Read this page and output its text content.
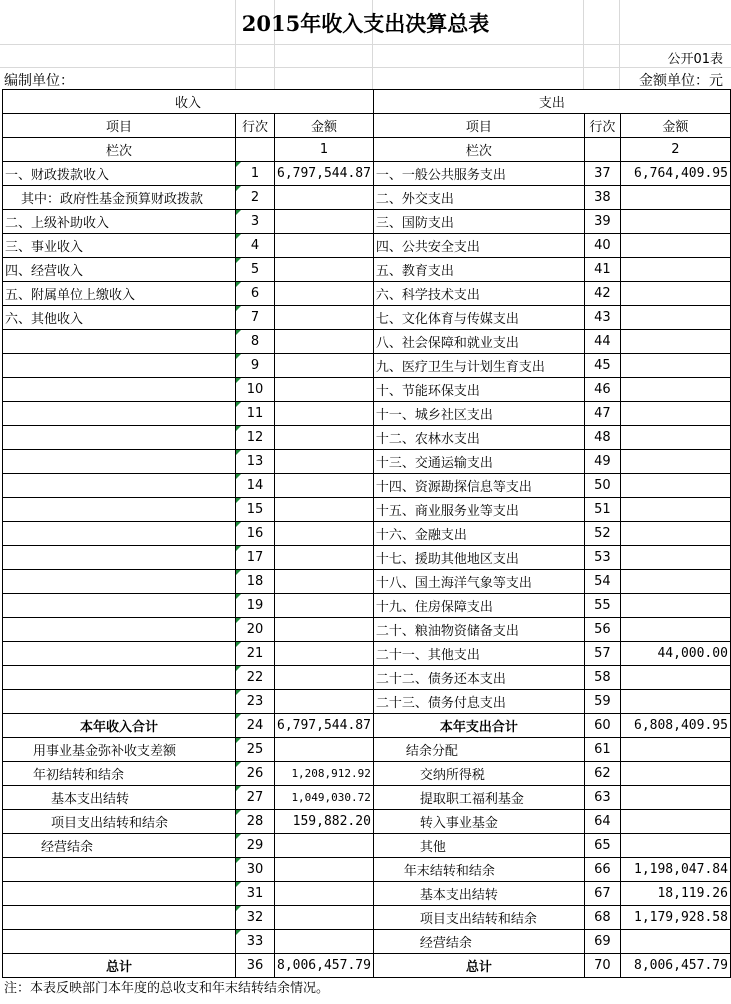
2015年收入支出决算总表
公开01表
编制单位：	金额单位：元
收入			支出		
项目	行次	金额	项目	行次	金额
栏次		1	栏次		2
一、财政拨款收入	1	6,797,544.87	一、一般公共服务支出	37	6,764,409.95
其中：政府性基金预算财政拨款	2		二、外交支出	38	
二、上级补助收入	3		三、国防支出	39	
三、事业收入	4		四、公共安全支出	40	
四、经营收入	5		五、教育支出	41	
五、附属单位上缴收入	6		六、科学技术支出	42	
六、其他收入	7		七、文化体育与传媒支出	43	
	8		八、社会保障和就业支出	44	
	9		九、医疗卫生与计划生育支出	45	
	10		十、节能环保支出	46	
	11		十一、城乡社区支出	47	
	12		十二、农林水支出	48	
	13		十三、交通运输支出	49	
	14		十四、资源勘探信息等支出	50	
	15		十五、商业服务业等支出	51	
	16		十六、金融支出	52	
	17		十七、援助其他地区支出	53	
	18		十八、国土海洋气象等支出	54	
	19		十九、住房保障支出	55	
	20		二十、粮油物资储备支出	56	
	21		二十一、其他支出	57	44,000.00
	22		二十二、债务还本支出	58	
	23		二十三、债务付息支出	59	
本年收入合计	24	6,797,544.87	本年支出合计	60	6,808,409.95
用事业基金弥补收支差额	25		结余分配	61	
年初结转和结余	26	1,208,912.92	交纳所得税	62	
基本支出结转	27	1,049,030.72	提取职工福利基金	63	
项目支出结转和结余	28	159,882.20	转入事业基金	64	
经营结余	29		其他	65	
	30		年末结转和结余	66	1,198,047.84
	31		基本支出结转	67	18,119.26
	32		项目支出结转和结余	68	1,179,928.58
	33		经营结余	69	
总计	36	8,006,457.79	总计	70	8,006,457.79
注：本表反映部门本年度的总收支和年末结转结余情况。
